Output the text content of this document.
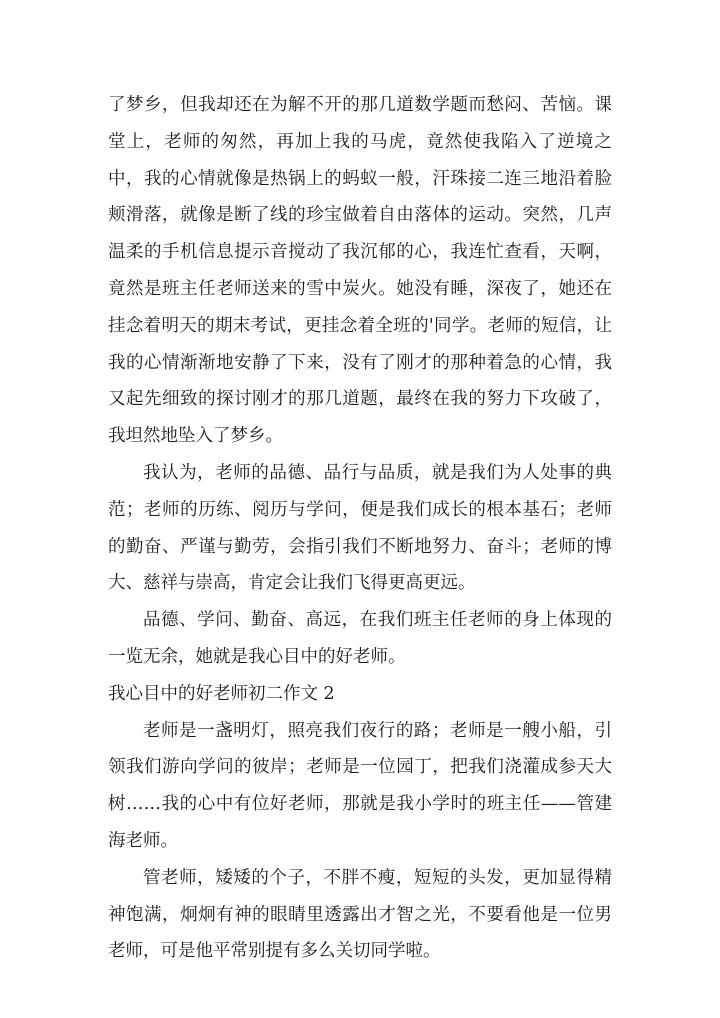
了梦乡，但我却还在为解不开的那几道数学题而愁闷、苦恼。课堂上，老师的匆然，再加上我的马虎，竟然使我陷入了逆境之中，我的心情就像是热锅上的蚂蚁一般，汗珠接二连三地沿着脸颊滑落，就像是断了线的珍宝做着自由落体的运动。突然，几声温柔的手机信息提示音搅动了我沉郁的心，我连忙查看，天啊，竟然是班主任老师送来的雪中炭火。她没有睡，深夜了，她还在挂念着明天的期末考试，更挂念着全班的'同学。老师的短信，让我的心情渐渐地安静了下来，没有了刚才的那种着急的心情，我又起先细致的探讨刚才的那几道题，最终在我的努力下攻破了，我坦然地坠入了梦乡。

我认为，老师的品德、品行与品质，就是我们为人处事的典范；老师的历练、阅历与学问，便是我们成长的根本基石；老师的勤奋、严谨与勤劳，会指引我们不断地努力、奋斗；老师的博大、慈祥与崇高，肯定会让我们飞得更高更远。

品德、学问、勤奋、高远，在我们班主任老师的身上体现的一览无余，她就是我心目中的好老师。

我心目中的好老师初二作文 2

老师是一盏明灯，照亮我们夜行的路；老师是一艘小船，引领我们游向学问的彼岸；老师是一位园丁，把我们浇灌成参天大树……我的心中有位好老师，那就是我小学时的班主任——管建海老师。

管老师，矮矮的个子，不胖不瘦，短短的头发，更加显得精神饱满，炯炯有神的眼睛里透露出才智之光，不要看他是一位男老师，可是他平常别提有多么关切同学啦。
